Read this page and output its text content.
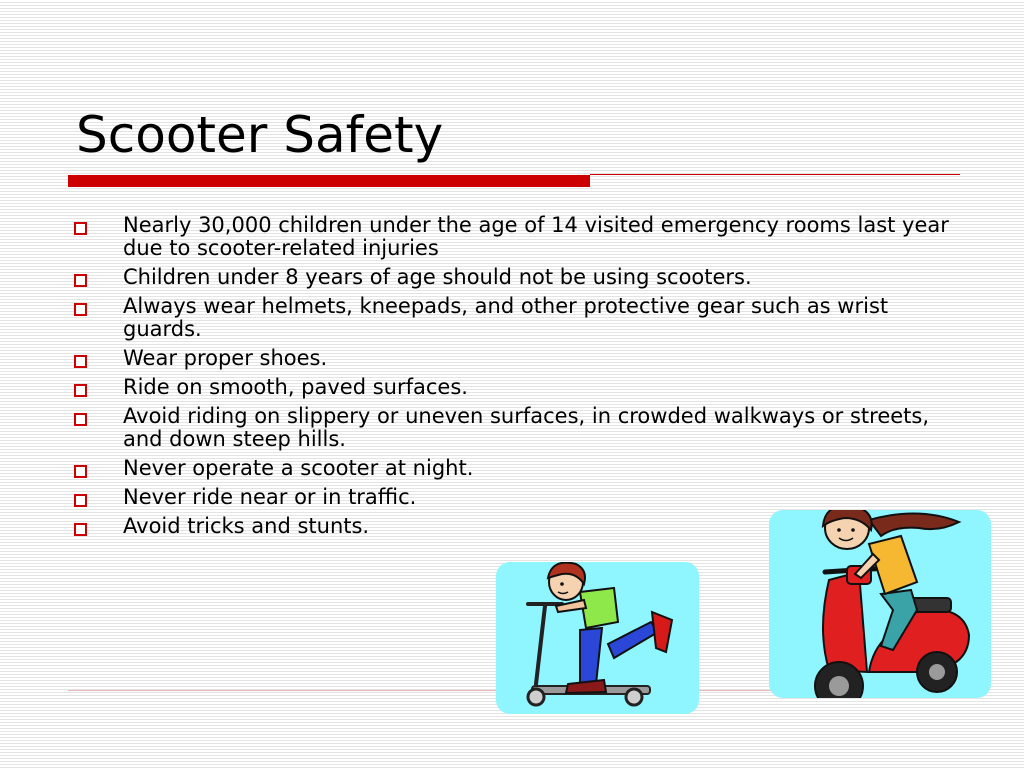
Scooter Safety
Nearly 30,000 children under the age of 14 visited emergency rooms last year due to scooter-related injuries
Children under 8 years of age should not be using scooters.
Always wear helmets, kneepads, and other protective gear such as wrist guards.
Wear proper shoes.
Ride on smooth, paved surfaces.
Avoid riding on slippery or uneven surfaces, in crowded walkways or streets, and down steep hills.
Never operate a scooter at night.
Never ride near or in traffic.
Avoid tricks and stunts.
